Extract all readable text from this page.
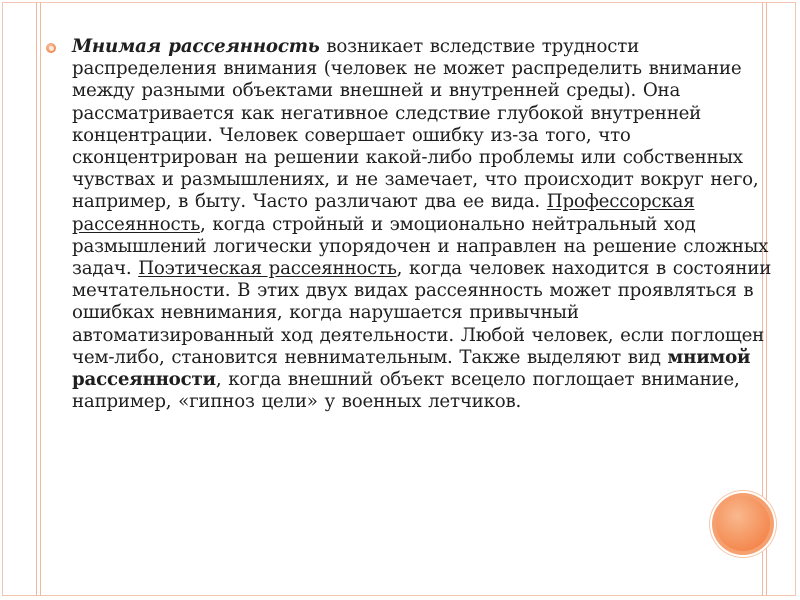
Мнимая рассеянность возникает вследствие трудности распределения внимания (человек не может распределить внимание между разными объектами внешней и внутренней среды). Она рассматривается как негативное следствие глубокой внутренней концентрации. Человек совершает ошибку из-за того, что сконцентрирован на решении какой-либо проблемы или собственных чувствах и размышлениях, и не замечает, что происходит вокруг него, например, в быту. Часто различают два ее вида. Профессорская рассеянность, когда стройный и эмоционально нейтральный ход размышлений логически упорядочен и направлен на решение сложных задач. Поэтическая рассеянность, когда человек находится в состоянии мечтательности. В этих двух видах рассеянность может проявляться в ошибках невнимания, когда нарушается привычный автоматизированный ход деятельности. Любой человек, если поглощен чем-либо, становится невнимательным. Также выделяют вид мнимой рассеянности, когда внешний объект всецело поглощает внимание, например, «гипноз цели» у военных летчиков.
